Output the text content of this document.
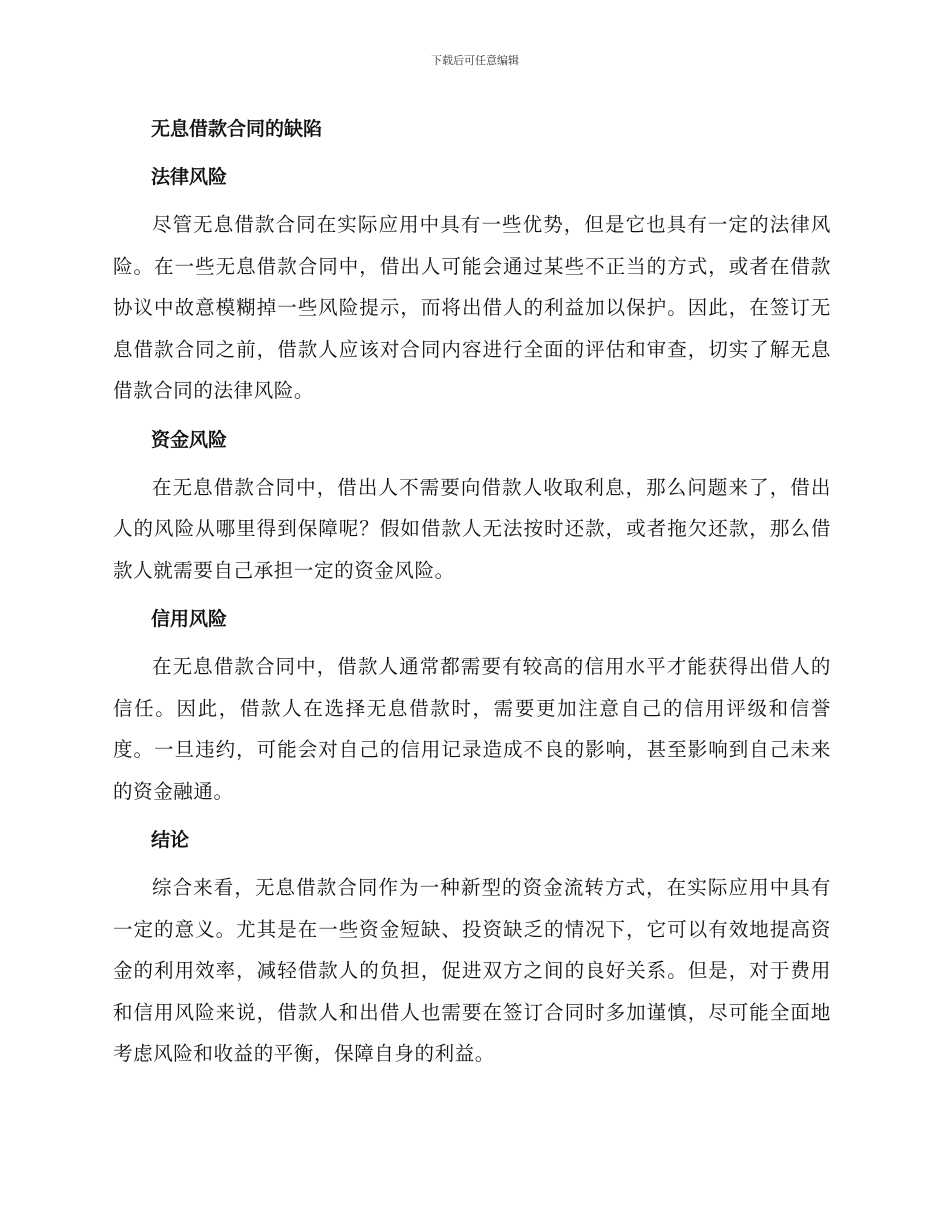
下载后可任意编辑

无息借款合同的缺陷

法律风险

尽管无息借款合同在实际应用中具有一些优势，但是它也具有一定的法律风险。在一些无息借款合同中，借出人可能会通过某些不正当的方式，或者在借款协议中故意模糊掉一些风险提示，而将出借人的利益加以保护。因此，在签订无息借款合同之前，借款人应该对合同内容进行全面的评估和审查，切实了解无息借款合同的法律风险。

资金风险

在无息借款合同中，借出人不需要向借款人收取利息，那么问题来了，借出人的风险从哪里得到保障呢？假如借款人无法按时还款，或者拖欠还款，那么借款人就需要自己承担一定的资金风险。

信用风险

在无息借款合同中，借款人通常都需要有较高的信用水平才能获得出借人的信任。因此，借款人在选择无息借款时，需要更加注意自己的信用评级和信誉度。一旦违约，可能会对自己的信用记录造成不良的影响，甚至影响到自己未来的资金融通。

结论

综合来看，无息借款合同作为一种新型的资金流转方式，在实际应用中具有一定的意义。尤其是在一些资金短缺、投资缺乏的情况下，它可以有效地提高资金的利用效率，减轻借款人的负担，促进双方之间的良好关系。但是，对于费用和信用风险来说，借款人和出借人也需要在签订合同时多加谨慎，尽可能全面地考虑风险和收益的平衡，保障自身的利益。
